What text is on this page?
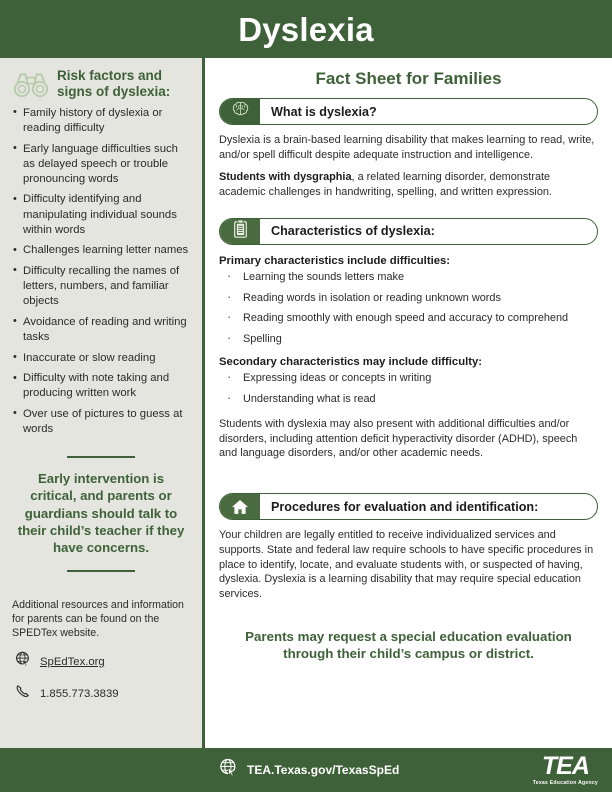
Dyslexia
Risk factors and signs of dyslexia:
• Family history of dyslexia or reading difficulty
• Early language difficulties such as delayed speech or trouble pronouncing words
• Difficulty identifying and manipulating individual sounds within words
• Challenges learning letter names
• Difficulty recalling the names of letters, numbers, and familiar objects
• Avoidance of reading and writing tasks
• Inaccurate or slow reading
• Difficulty with note taking and producing written work
• Over use of pictures to guess at words
Early intervention is critical, and parents or guardians should talk to their child’s teacher if they have concerns.
Additional resources and information for parents can be found on the SPEDTex website.
SpEdTex.org
1.855.773.3839
Fact Sheet for Families
What is dyslexia?

Dyslexia is a brain-based learning disability that makes learning to read, write, and/or spell difficult despite adequate instruction and intelligence.

Students with dysgraphia, a related learning disorder, demonstrate academic challenges in handwriting, spelling, and written expression.

Characteristics of dyslexia:
Primary characteristics include difficulties:
· Learning the sounds letters make
· Reading words in isolation or reading unknown words
· Reading smoothly with enough speed and accuracy to comprehend
· Spelling
Secondary characteristics may include difficulty:
· Expressing ideas or concepts in writing
· Understanding what is read

Students with dyslexia may also present with additional difficulties and/or disorders, including attention deficit hyperactivity disorder (ADHD), speech and language disorders, and/or other academic needs.

Procedures for evaluation and identification:

Your children are legally entitled to receive individualized services and supports. State and federal law require schools to have specific procedures in place to identify, locate, and evaluate students with, or suspected of having, dyslexia. Dyslexia is a learning disability that may require special education services.

Parents may request a special education evaluation through their child’s campus or district.
TEA.Texas.gov/TexasSpEd	TEA
Texas Education Agency
